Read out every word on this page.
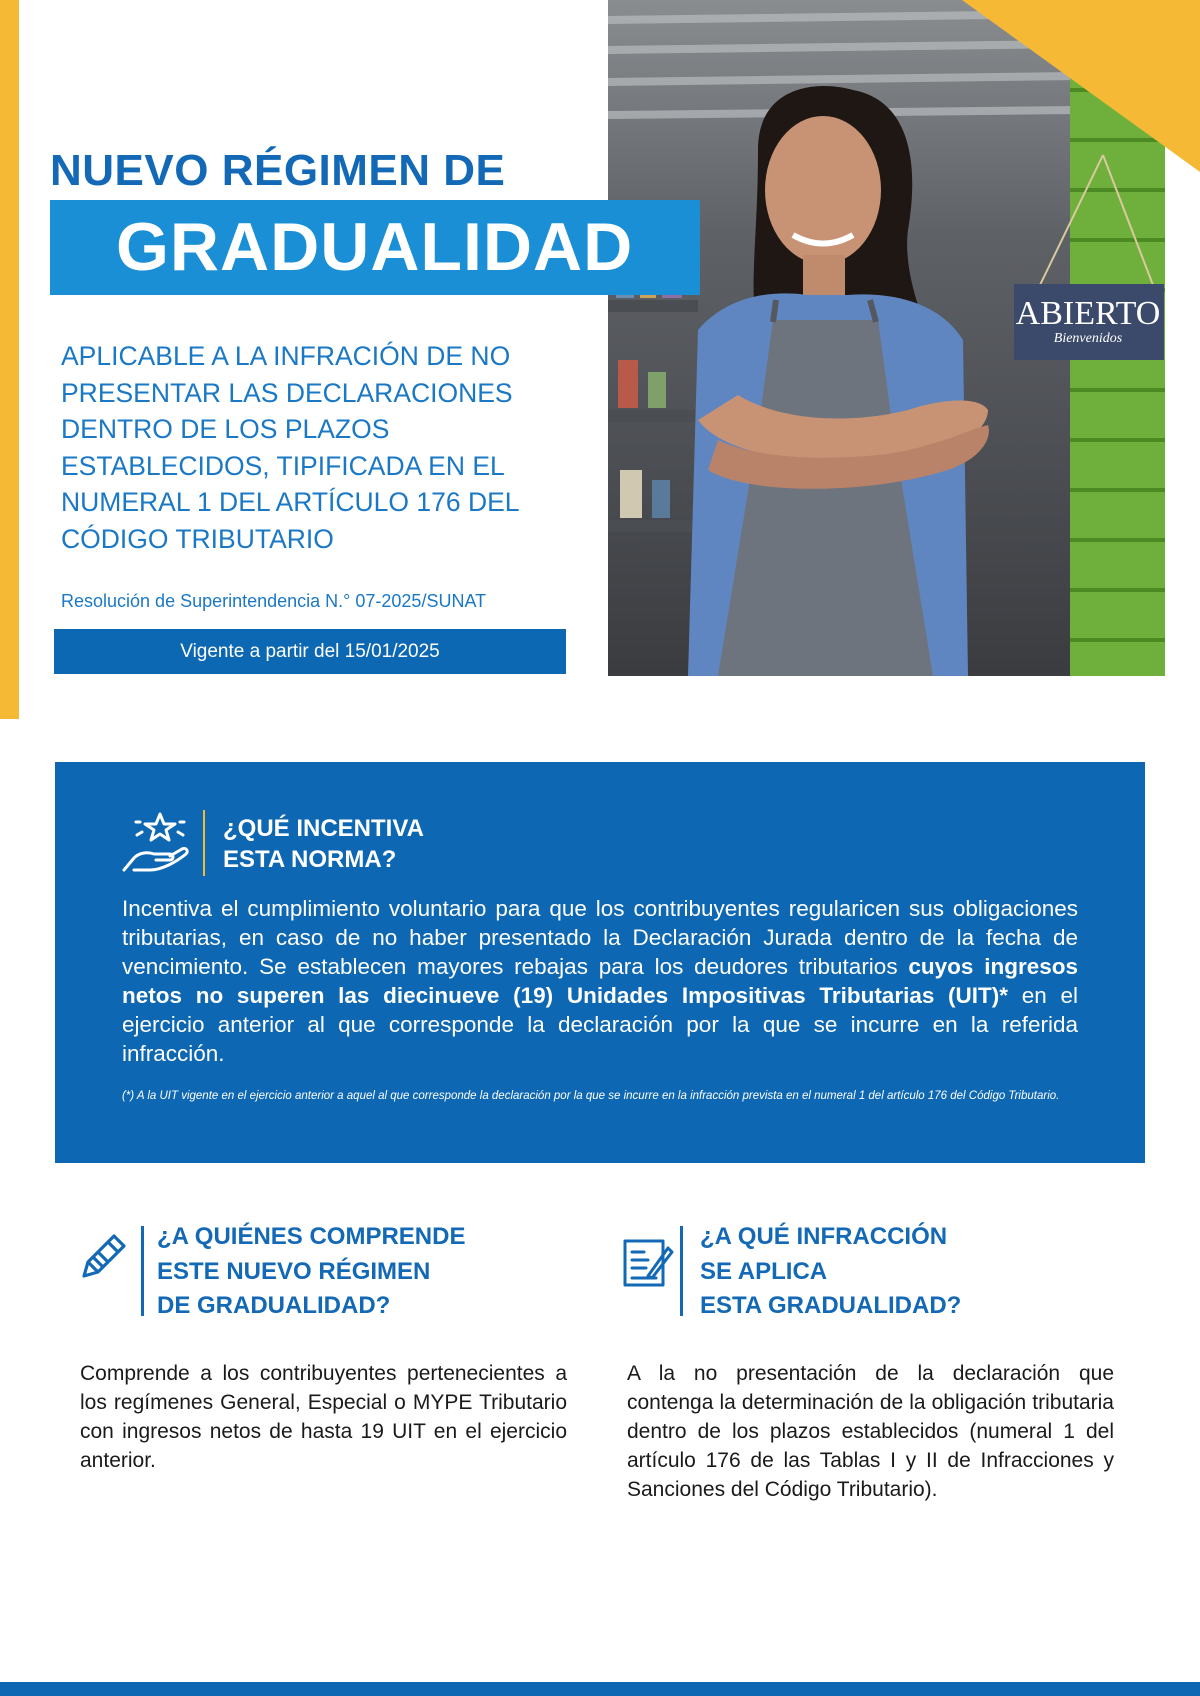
Bienvenidos
ABIERTO
NUEVO RÉGIMEN DE
GRADUALIDAD
APLICABLE A LA INFRACIÓN DE NO
PRESENTAR LAS DECLARACIONES
DENTRO DE LOS PLAZOS
ESTABLECIDOS, TIPIFICADA EN EL
NUMERAL 1 DEL ARTÍCULO 176 DEL
CÓDIGO TRIBUTARIO
Resolución de Superintendencia N.° 07-2025/SUNAT
Vigente a partir del 15/01/2025
¿QUÉ INCENTIVA
ESTA NORMA?

Incentiva el cumplimiento voluntario para que los contribuyentes regularicen sus obligaciones tributarias, en caso de no haber presentado la Declaración Jurada dentro de la fecha de vencimiento. Se establecen mayores rebajas para los deudores tributarios cuyos ingresos netos no superen las diecinueve (19) Unidades Impositivas Tributarias (UIT)* en el ejercicio anterior al que corresponde la declaración por la que se incurre en la referida infracción.

(*) A la UIT vigente en el ejercicio anterior a aquel al que corresponde la declaración por la que se incurre en la infracción prevista en el numeral 1 del artículo 176 del Código Tributario.

¿A QUIÉNES COMPRENDE
ESTE NUEVO RÉGIMEN
DE GRADUALIDAD?

Comprende a los contribuyentes pertenecientes a los regímenes General, Especial o MYPE Tributario con ingresos netos de hasta 19 UIT en el ejercicio anterior.

¿A QUÉ INFRACCIÓN
SE APLICA
ESTA GRADUALIDAD?

A la no presentación de la declaración que contenga la determinación de la obligación tributaria dentro de los plazos establecidos (numeral 1 del artículo 176 de las Tablas I y II de Infracciones y Sanciones del Código Tributario).
